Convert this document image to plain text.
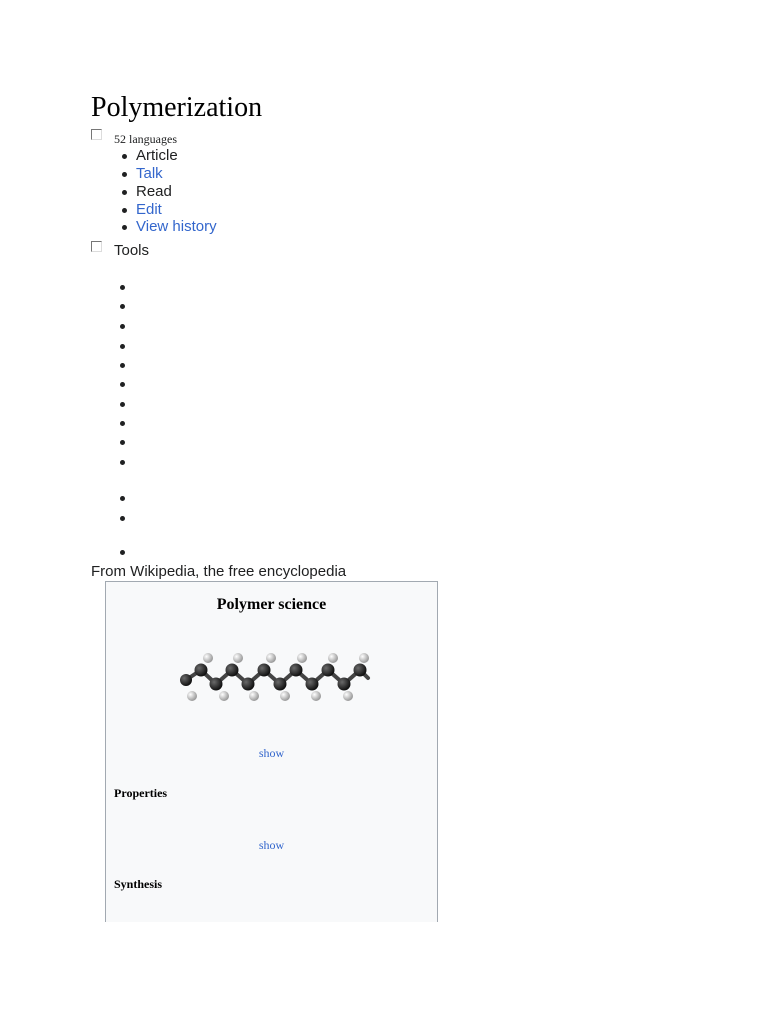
Polymerization
52 languages
Article
Talk
Read
Edit
View history
Tools
From Wikipedia, the free encyclopedia
Polymer science
show
Properties
show
Synthesis
